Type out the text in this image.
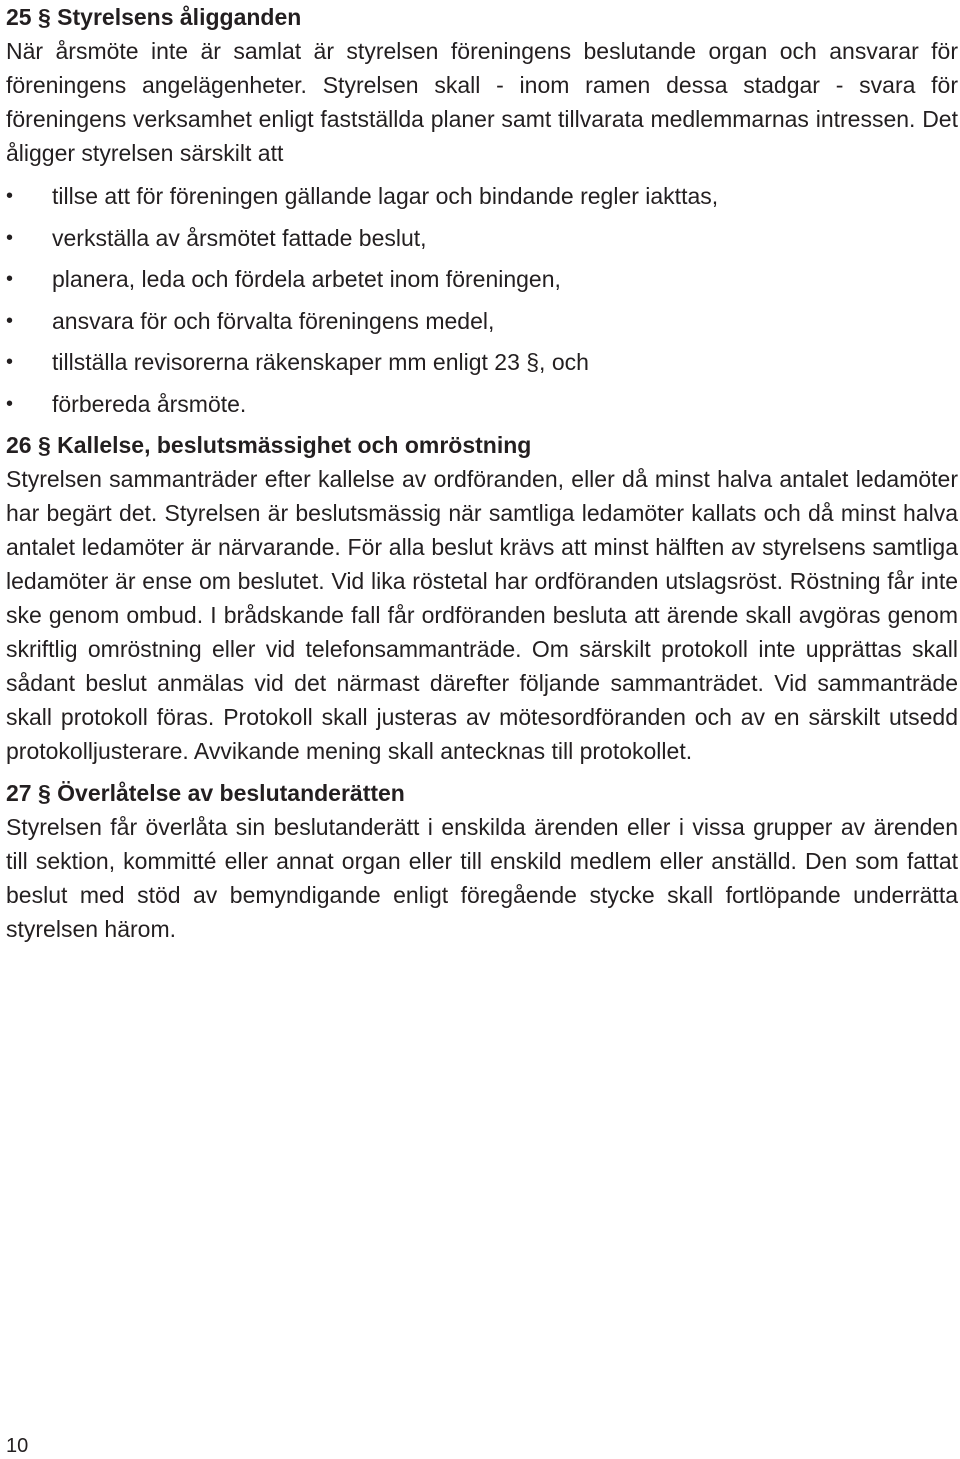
25 § Styrelsens åligganden

När årsmöte inte är samlat är styrelsen föreningens beslutande organ och ansvarar för föreningens angelägenheter. Styrelsen skall - inom ramen dessa stadgar - svara för föreningens verksamhet enligt fastställda planer samt tillvarata medlemmarnas intressen. Det åligger styrelsen särskilt att

• tillse att för föreningen gällande lagar och bindande regler iakttas,
• verkställa av årsmötet fattade beslut,
• planera, leda och fördela arbetet inom föreningen,
• ansvara för och förvalta föreningens medel,
• tillställa revisorerna räkenskaper mm enligt 23 §, och
• förbereda årsmöte.
26 § Kallelse, beslutsmässighet och omröstning

Styrelsen sammanträder efter kallelse av ordföranden, eller då minst halva antalet ledamöter har begärt det. Styrelsen är beslutsmässig när samtliga ledamöter kallats och då minst halva antalet ledamöter är närvarande. För alla beslut krävs att minst hälften av styrelsens samtliga ledamöter är ense om beslutet. Vid lika röstetal har ordföranden utslagsröst. Röstning får inte ske genom ombud. I brådskande fall får ordföranden besluta att ärende skall avgöras genom skriftlig omröstning eller vid telefonsammanträde. Om särskilt protokoll inte upprättas skall sådant beslut anmälas vid det närmast därefter följande sammanträdet. Vid sammanträde skall protokoll föras. Protokoll skall justeras av mötesordföranden och av en särskilt utsedd protokolljusterare. Avvikande mening skall antecknas till protokollet.

27 § Överlåtelse av beslutanderätten

Styrelsen får överlåta sin beslutanderätt i enskilda ärenden eller i vissa grupper av ärenden till sektion, kommitté eller annat organ eller till enskild medlem eller anställd. Den som fattat beslut med stöd av bemyndigande enligt föregående stycke skall fortlöpande underrätta styrelsen härom.

10
